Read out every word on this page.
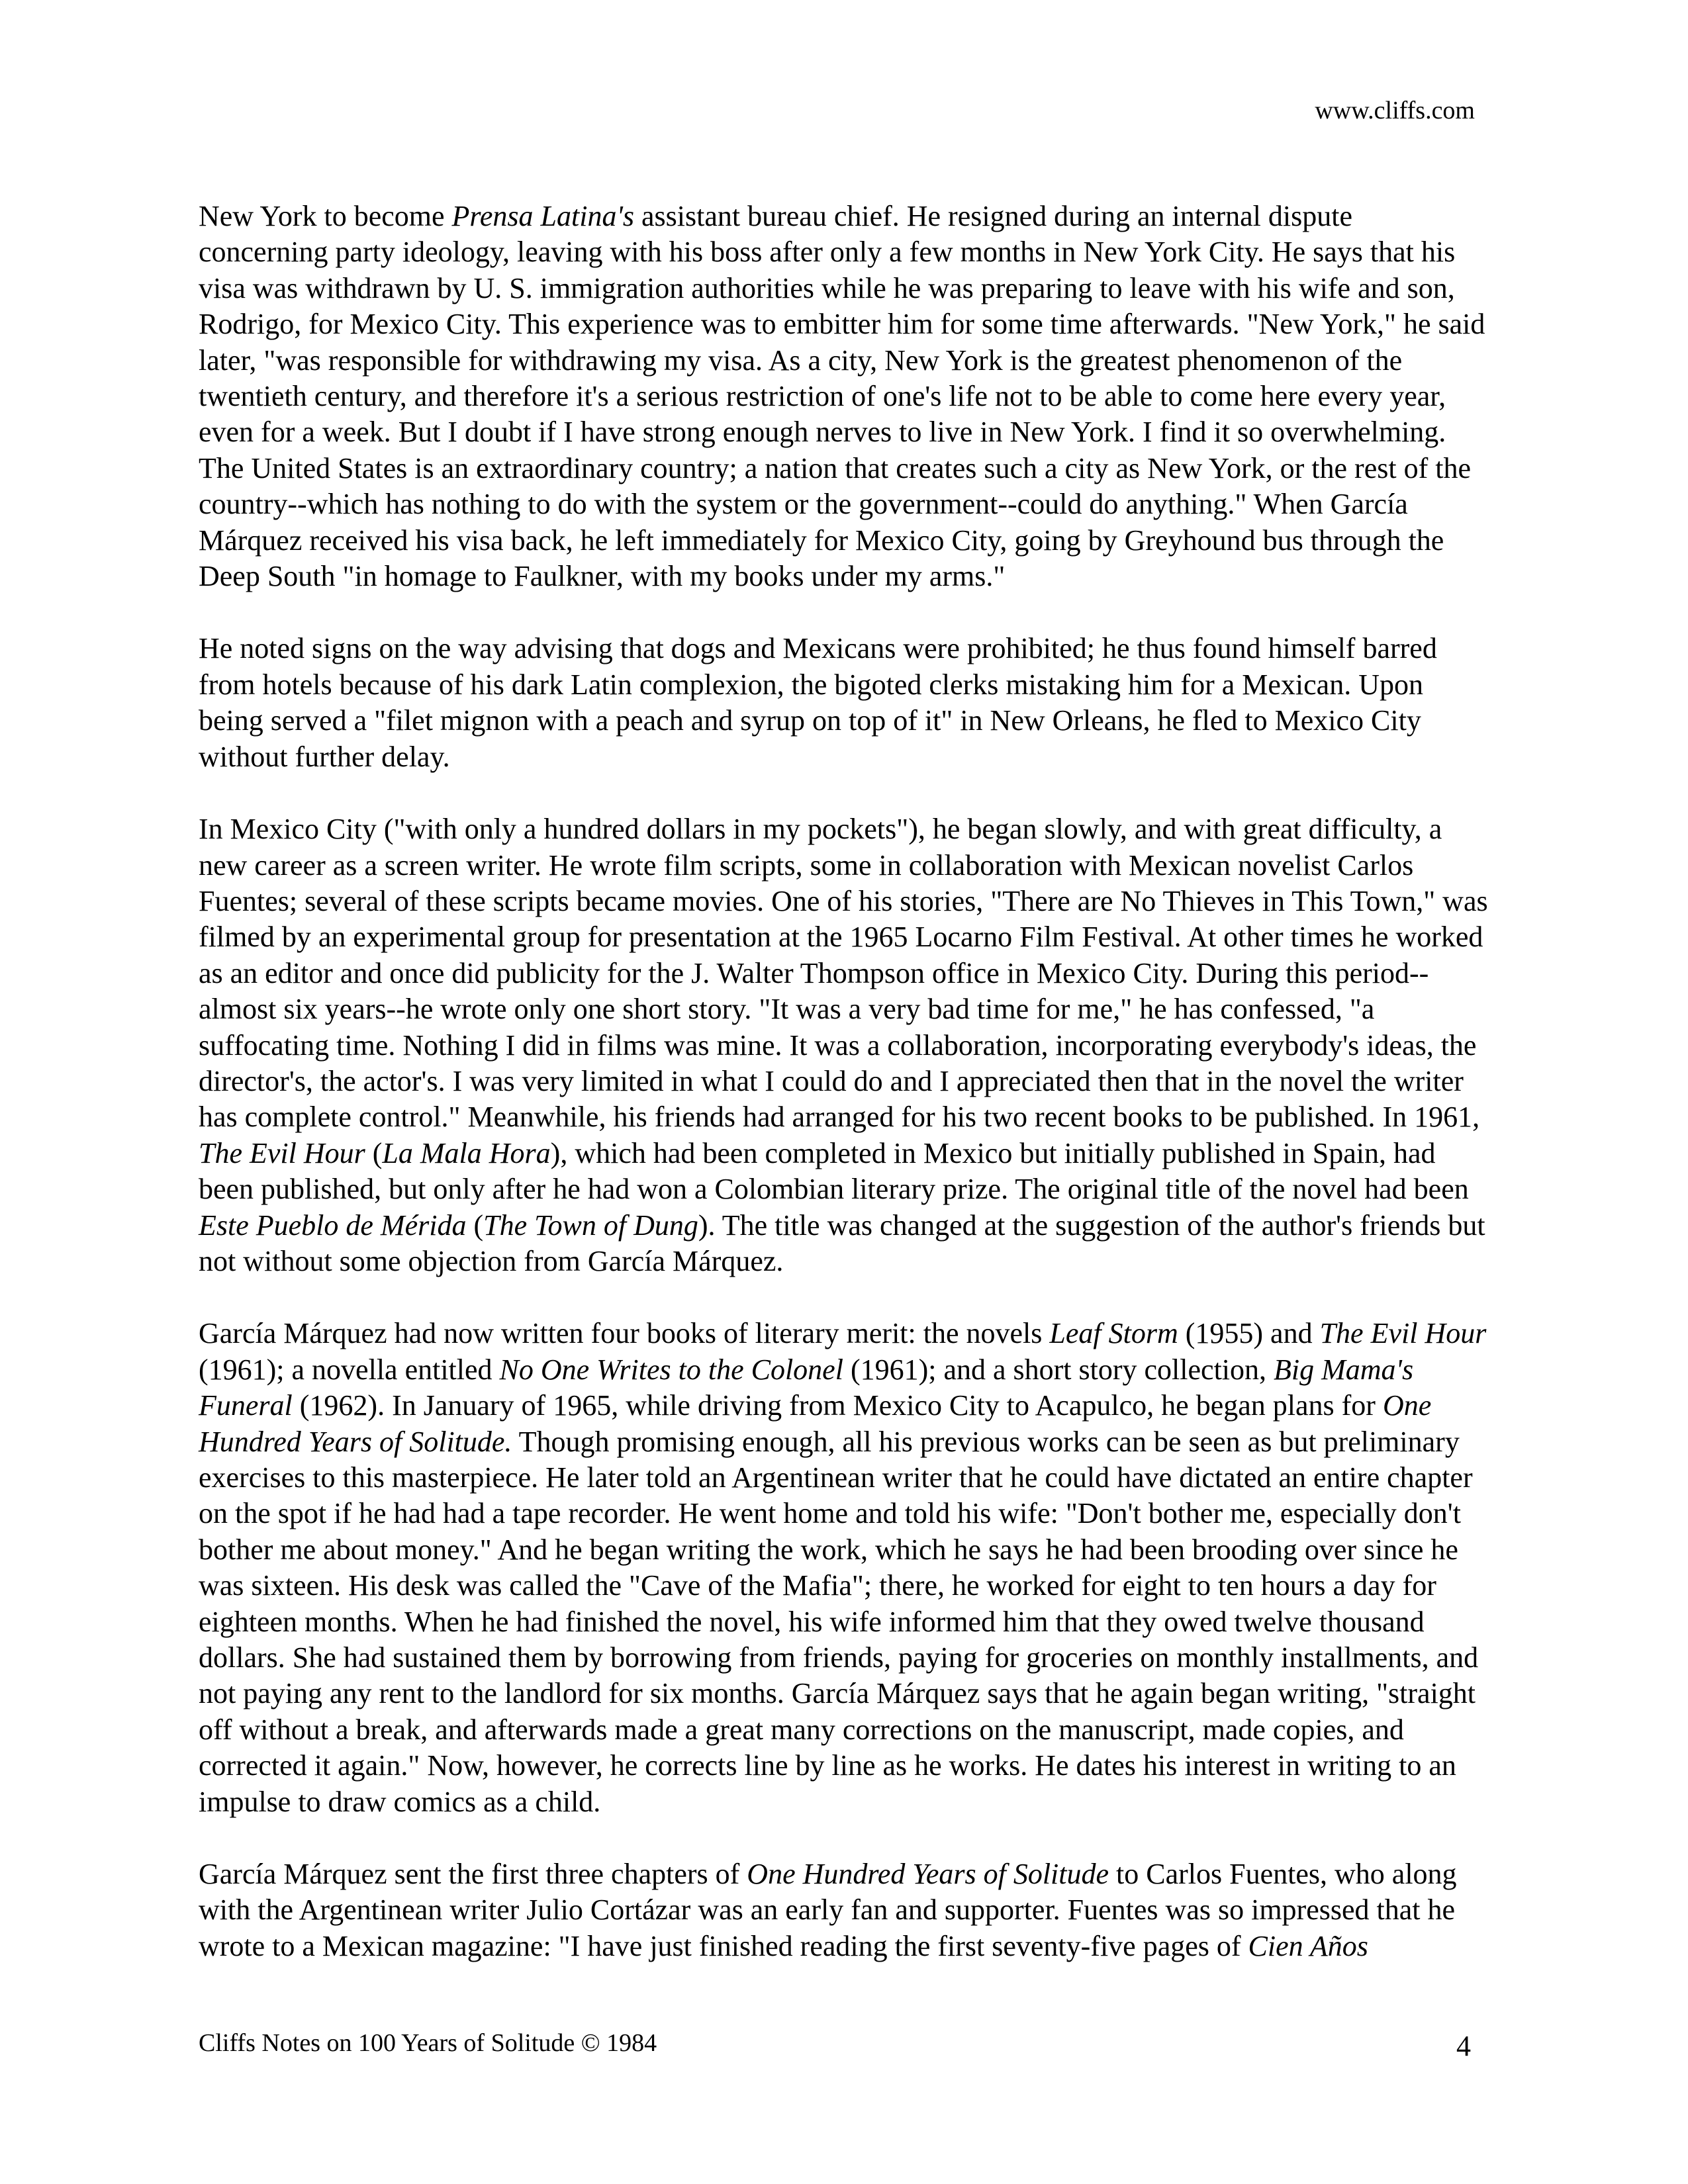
www.cliffs.com

New York to become Prensa Latina's assistant bureau chief. He resigned during an internal dispute concerning party ideology, leaving with his boss after only a few months in New York City. He says that his visa was withdrawn by U. S. immigration authorities while he was preparing to leave with his wife and son, Rodrigo, for Mexico City. This experience was to embitter him for some time afterwards. "New York," he said later, "was responsible for withdrawing my visa. As a city, New York is the greatest phenomenon of the twentieth century, and therefore it's a serious restriction of one's life not to be able to come here every year, even for a week. But I doubt if I have strong enough nerves to live in New York. I find it so overwhelming. The United States is an extraordinary country; a nation that creates such a city as New York, or the rest of the country--which has nothing to do with the system or the government--could do anything." When García Márquez received his visa back, he left immediately for Mexico City, going by Greyhound bus through the Deep South "in homage to Faulkner, with my books under my arms."

He noted signs on the way advising that dogs and Mexicans were prohibited; he thus found himself barred from hotels because of his dark Latin complexion, the bigoted clerks mistaking him for a Mexican. Upon being served a "filet mignon with a peach and syrup on top of it" in New Orleans, he fled to Mexico City without further delay.

In Mexico City ("with only a hundred dollars in my pockets"), he began slowly, and with great difficulty, a new career as a screen writer. He wrote film scripts, some in collaboration with Mexican novelist Carlos Fuentes; several of these scripts became movies. One of his stories, "There are No Thieves in This Town," was filmed by an experimental group for presentation at the 1965 Locarno Film Festival. At other times he worked as an editor and once did publicity for the J. Walter Thompson office in Mexico City. During this period--almost six years--he wrote only one short story. "It was a very bad time for me," he has confessed, "a suffocating time. Nothing I did in films was mine. It was a collaboration, incorporating everybody's ideas, the director's, the actor's. I was very limited in what I could do and I appreciated then that in the novel the writer has complete control." Meanwhile, his friends had arranged for his two recent books to be published. In 1961, The Evil Hour (La Mala Hora), which had been completed in Mexico but initially published in Spain, had been published, but only after he had won a Colombian literary prize. The original title of the novel had been Este Pueblo de Mérida (The Town of Dung). The title was changed at the suggestion of the author's friends but not without some objection from García Márquez.

García Márquez had now written four books of literary merit: the novels Leaf Storm (1955) and The Evil Hour (1961); a novella entitled No One Writes to the Colonel (1961); and a short story collection, Big Mama's Funeral (1962). In January of 1965, while driving from Mexico City to Acapulco, he began plans for One Hundred Years of Solitude. Though promising enough, all his previous works can be seen as but preliminary exercises to this masterpiece. He later told an Argentinean writer that he could have dictated an entire chapter on the spot if he had had a tape recorder. He went home and told his wife: "Don't bother me, especially don't bother me about money." And he began writing the work, which he says he had been brooding over since he was sixteen. His desk was called the "Cave of the Mafia"; there, he worked for eight to ten hours a day for eighteen months. When he had finished the novel, his wife informed him that they owed twelve thousand dollars. She had sustained them by borrowing from friends, paying for groceries on monthly installments, and not paying any rent to the landlord for six months. García Márquez says that he again began writing, "straight off without a break, and afterwards made a great many corrections on the manuscript, made copies, and corrected it again." Now, however, he corrects line by line as he works. He dates his interest in writing to an impulse to draw comics as a child.

García Márquez sent the first three chapters of One Hundred Years of Solitude to Carlos Fuentes, who along with the Argentinean writer Julio Cortázar was an early fan and supporter. Fuentes was so impressed that he wrote to a Mexican magazine: "I have just finished reading the first seventy-five pages of Cien Años

Cliffs Notes on 100 Years of Solitude © 1984	4
